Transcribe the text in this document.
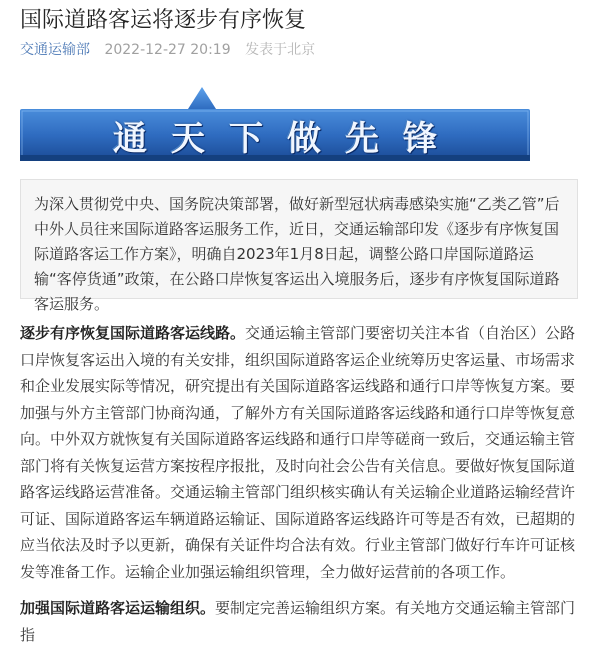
国际道路客运将逐步有序恢复
交通运输部 2022-12-27 20:19 发表于北京
通天下做先锋

为深入贯彻党中央、国务院决策部署，做好新型冠状病毒感染实施“乙类乙管”后中外人员往来国际道路客运服务工作，近日，交通运输部印发《逐步有序恢复国际道路客运工作方案》，明确自2023年1月8日起，调整公路口岸国际道路运输“客停货通”政策，在公路口岸恢复客运出入境服务后，逐步有序恢复国际道路客运服务。

逐步有序恢复国际道路客运线路。交通运输主管部门要密切关注本省（自治区）公路口岸恢复客运出入境的有关安排，组织国际道路客运企业统筹历史客运量、市场需求和企业发展实际等情况，研究提出有关国际道路客运线路和通行口岸等恢复方案。要加强与外方主管部门协商沟通，了解外方有关国际道路客运线路和通行口岸等恢复意向。中外双方就恢复有关国际道路客运线路和通行口岸等磋商一致后，交通运输主管部门将有关恢复运营方案按程序报批，及时向社会公告有关信息。要做好恢复国际道路客运线路运营准备。交通运输主管部门组织核实确认有关运输企业道路运输经营许可证、国际道路客运车辆道路运输证、国际道路客运线路许可等是否有效，已超期的应当依法及时予以更新，确保有关证件均合法有效。行业主管部门做好行车许可证核发等准备工作。运输企业加强运输组织管理，全力做好运营前的各项工作。

加强国际道路客运运输组织。要制定完善运输组织方案。有关地方交通运输主管部门指
